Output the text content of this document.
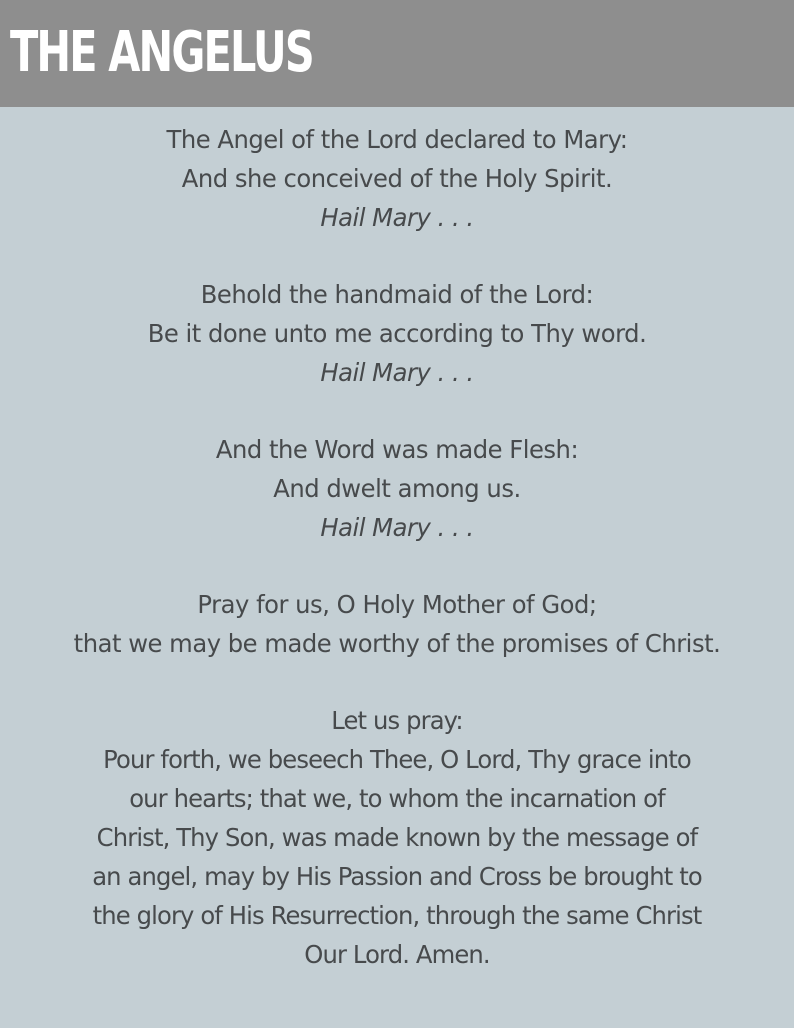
THE ANGELUS
The Angel of the Lord declared to Mary:
And she conceived of the Holy Spirit.
Hail Mary . . .
Behold the handmaid of the Lord:
Be it done unto me according to Thy word.
Hail Mary . . .
And the Word was made Flesh:
And dwelt among us.
Hail Mary . . .
Pray for us, O Holy Mother of God;
that we may be made worthy of the promises of Christ.
Let us pray:
Pour forth, we beseech Thee, O Lord, Thy grace into
our hearts; that we, to whom the incarnation of
Christ, Thy Son, was made known by the message of
an angel, may by His Passion and Cross be brought to
the glory of His Resurrection, through the same Christ
Our Lord. Amen.
